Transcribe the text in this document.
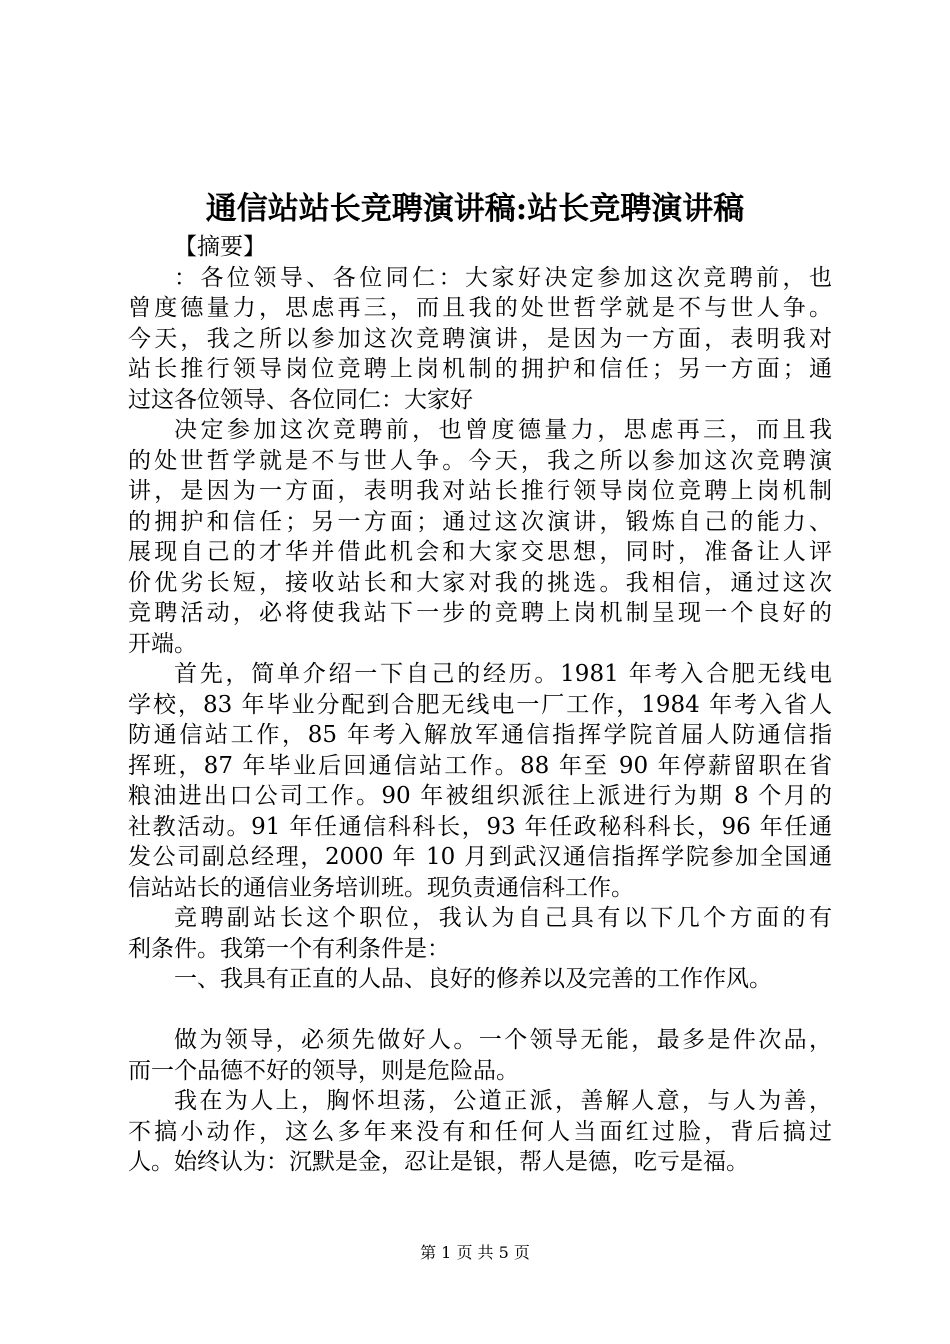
通信站站长竞聘演讲稿:站长竞聘演讲稿
【摘要】
：各位领导、各位同仁：大家好决定参加这次竞聘前，也
曾度德量力，思虑再三，而且我的处世哲学就是不与世人争。
今天，我之所以参加这次竞聘演讲，是因为一方面，表明我对
站长推行领导岗位竞聘上岗机制的拥护和信任；另一方面；通
过这各位领导、各位同仁：大家好
决定参加这次竞聘前，也曾度德量力，思虑再三，而且我
的处世哲学就是不与世人争。今天，我之所以参加这次竞聘演
讲，是因为一方面，表明我对站长推行领导岗位竞聘上岗机制
的拥护和信任；另一方面；通过这次演讲，锻炼自己的能力、
展现自己的才华并借此机会和大家交思想，同时，准备让人评
价优劣长短，接收站长和大家对我的挑选。我相信，通过这次
竞聘活动，必将使我站下一步的竞聘上岗机制呈现一个良好的
开端。
首先，简单介绍一下自己的经历。1981 年考入合肥无线电
学校，83 年毕业分配到合肥无线电一厂工作，1984 年考入省人
防通信站工作，85 年考入解放军通信指挥学院首届人防通信指
挥班，87 年毕业后回通信站工作。88 年至 90 年停薪留职在省
粮油进出口公司工作。90 年被组织派往上派进行为期 8 个月的
社教活动。91 年任通信科科长，93 年任政秘科科长，96 年任通
发公司副总经理，2000 年 10 月到武汉通信指挥学院参加全国通
信站站长的通信业务培训班。现负责通信科工作。
竞聘副站长这个职位，我认为自己具有以下几个方面的有
利条件。我第一个有利条件是：
一、我具有正直的人品、良好的修养以及完善的工作作风。
做为领导，必须先做好人。一个领导无能，最多是件次品，
而一个品德不好的领导，则是危险品。
我在为人上，胸怀坦荡，公道正派，善解人意，与人为善，
不搞小动作，这么多年来没有和任何人当面红过脸，背后搞过
人。始终认为：沉默是金，忍让是银，帮人是德，吃亏是福。
第 1 页 共 5 页
